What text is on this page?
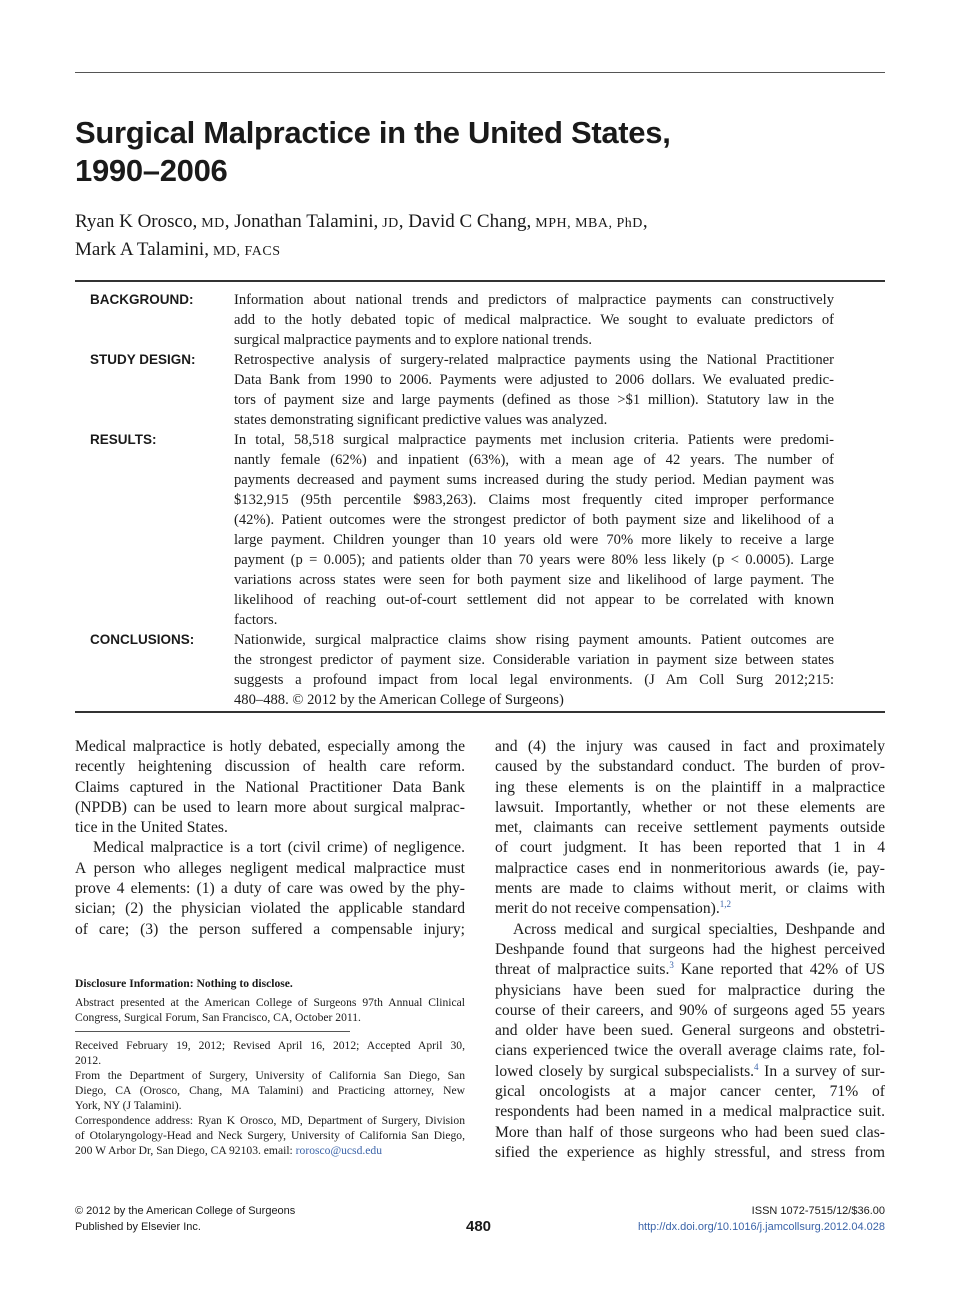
Surgical Malpractice in the United States,
1990–2006
Ryan K Orosco, MD, Jonathan Talamini, JD, David C Chang, MPH, MBA, PhD,
Mark A Talamini, MD, FACS
BACKGROUND:	Information about national trends and predictors of malpractice payments can constructively
add to the hotly debated topic of medical malpractice. We sought to evaluate predictors of
surgical malpractice payments and to explore national trends.
STUDY DESIGN:	Retrospective analysis of surgery-related malpractice payments using the National Practitioner
Data Bank from 1990 to 2006. Payments were adjusted to 2006 dollars. We evaluated predic-
tors of payment size and large payments (defined as those >$1 million). Statutory law in the
states demonstrating significant predictive values was analyzed.
RESULTS:	In total, 58,518 surgical malpractice payments met inclusion criteria. Patients were predomi-
nantly female (62%) and inpatient (63%), with a mean age of 42 years. The number of
payments decreased and payment sums increased during the study period. Median payment was
$132,915 (95th percentile $983,263). Claims most frequently cited improper performance
(42%). Patient outcomes were the strongest predictor of both payment size and likelihood of a
large payment. Children younger than 10 years old were 70% more likely to receive a large
payment (p = 0.005); and patients older than 70 years were 80% less likely (p < 0.0005). Large
variations across states were seen for both payment size and likelihood of large payment. The
likelihood of reaching out-of-court settlement did not appear to be correlated with known
factors.
CONCLUSIONS:	Nationwide, surgical malpractice claims show rising payment amounts. Patient outcomes are
the strongest predictor of payment size. Considerable variation in payment size between states
suggests a profound impact from local legal environments. (J Am Coll Surg 2012;215:
480–488. © 2012 by the American College of Surgeons)
Medical malpractice is hotly debated, especially among the
recently heightening discussion of health care reform.
Claims captured in the National Practitioner Data Bank
(NPDB) can be used to learn more about surgical malprac-
tice in the United States.
Medical malpractice is a tort (civil crime) of negligence.
A person who alleges negligent medical malpractice must
prove 4 elements: (1) a duty of care was owed by the phy-
sician; (2) the physician violated the applicable standard
of care; (3) the person suffered a compensable injury;
Disclosure Information: Nothing to disclose.
Abstract presented at the American College of Surgeons 97th Annual Clinical
Congress, Surgical Forum, San Francisco, CA, October 2011.
Received February 19, 2012; Revised April 16, 2012; Accepted April 30,
2012.
From the Department of Surgery, University of California San Diego, San
Diego, CA (Orosco, Chang, MA Talamini) and Practicing attorney, New
York, NY (J Talamini).
Correspondence address: Ryan K Orosco, MD, Department of Surgery, Division
of Otolaryngology-Head and Neck Surgery, University of California San Diego,
200 W Arbor Dr, San Diego, CA 92103. email: rorosco@ucsd.edu
and (4) the injury was caused in fact and proximately
caused by the substandard conduct. The burden of prov-
ing these elements is on the plaintiff in a malpractice
lawsuit. Importantly, whether or not these elements are
met, claimants can receive settlement payments outside
of court judgment. It has been reported that 1 in 4
malpractice cases end in nonmeritorious awards (ie, pay-
ments are made to claims without merit, or claims with
merit do not receive compensation).$^{1,2}$
Across medical and surgical specialties, Deshpande and
Deshpande found that surgeons had the highest perceived
threat of malpractice suits.$^3$ Kane reported that 42% of US
physicians have been sued for malpractice during the
course of their careers, and 90% of surgeons aged 55 years
and older have been sued. General surgeons and obstetri-
cians experienced twice the overall average claims rate, fol-
lowed closely by surgical subspecialists.$^4$ In a survey of sur-
gical oncologists at a major cancer center, 71% of
respondents had been named in a medical malpractice suit.
More than half of those surgeons who had been sued clas-
sified the experience as highly stressful, and stress from
© 2012 by the American College of Surgeons
Published by Elsevier Inc.	480
ISSN 1072-7515/12/$36.00
http://dx.doi.org/10.1016/j.jamcollsurg.2012.04.028
